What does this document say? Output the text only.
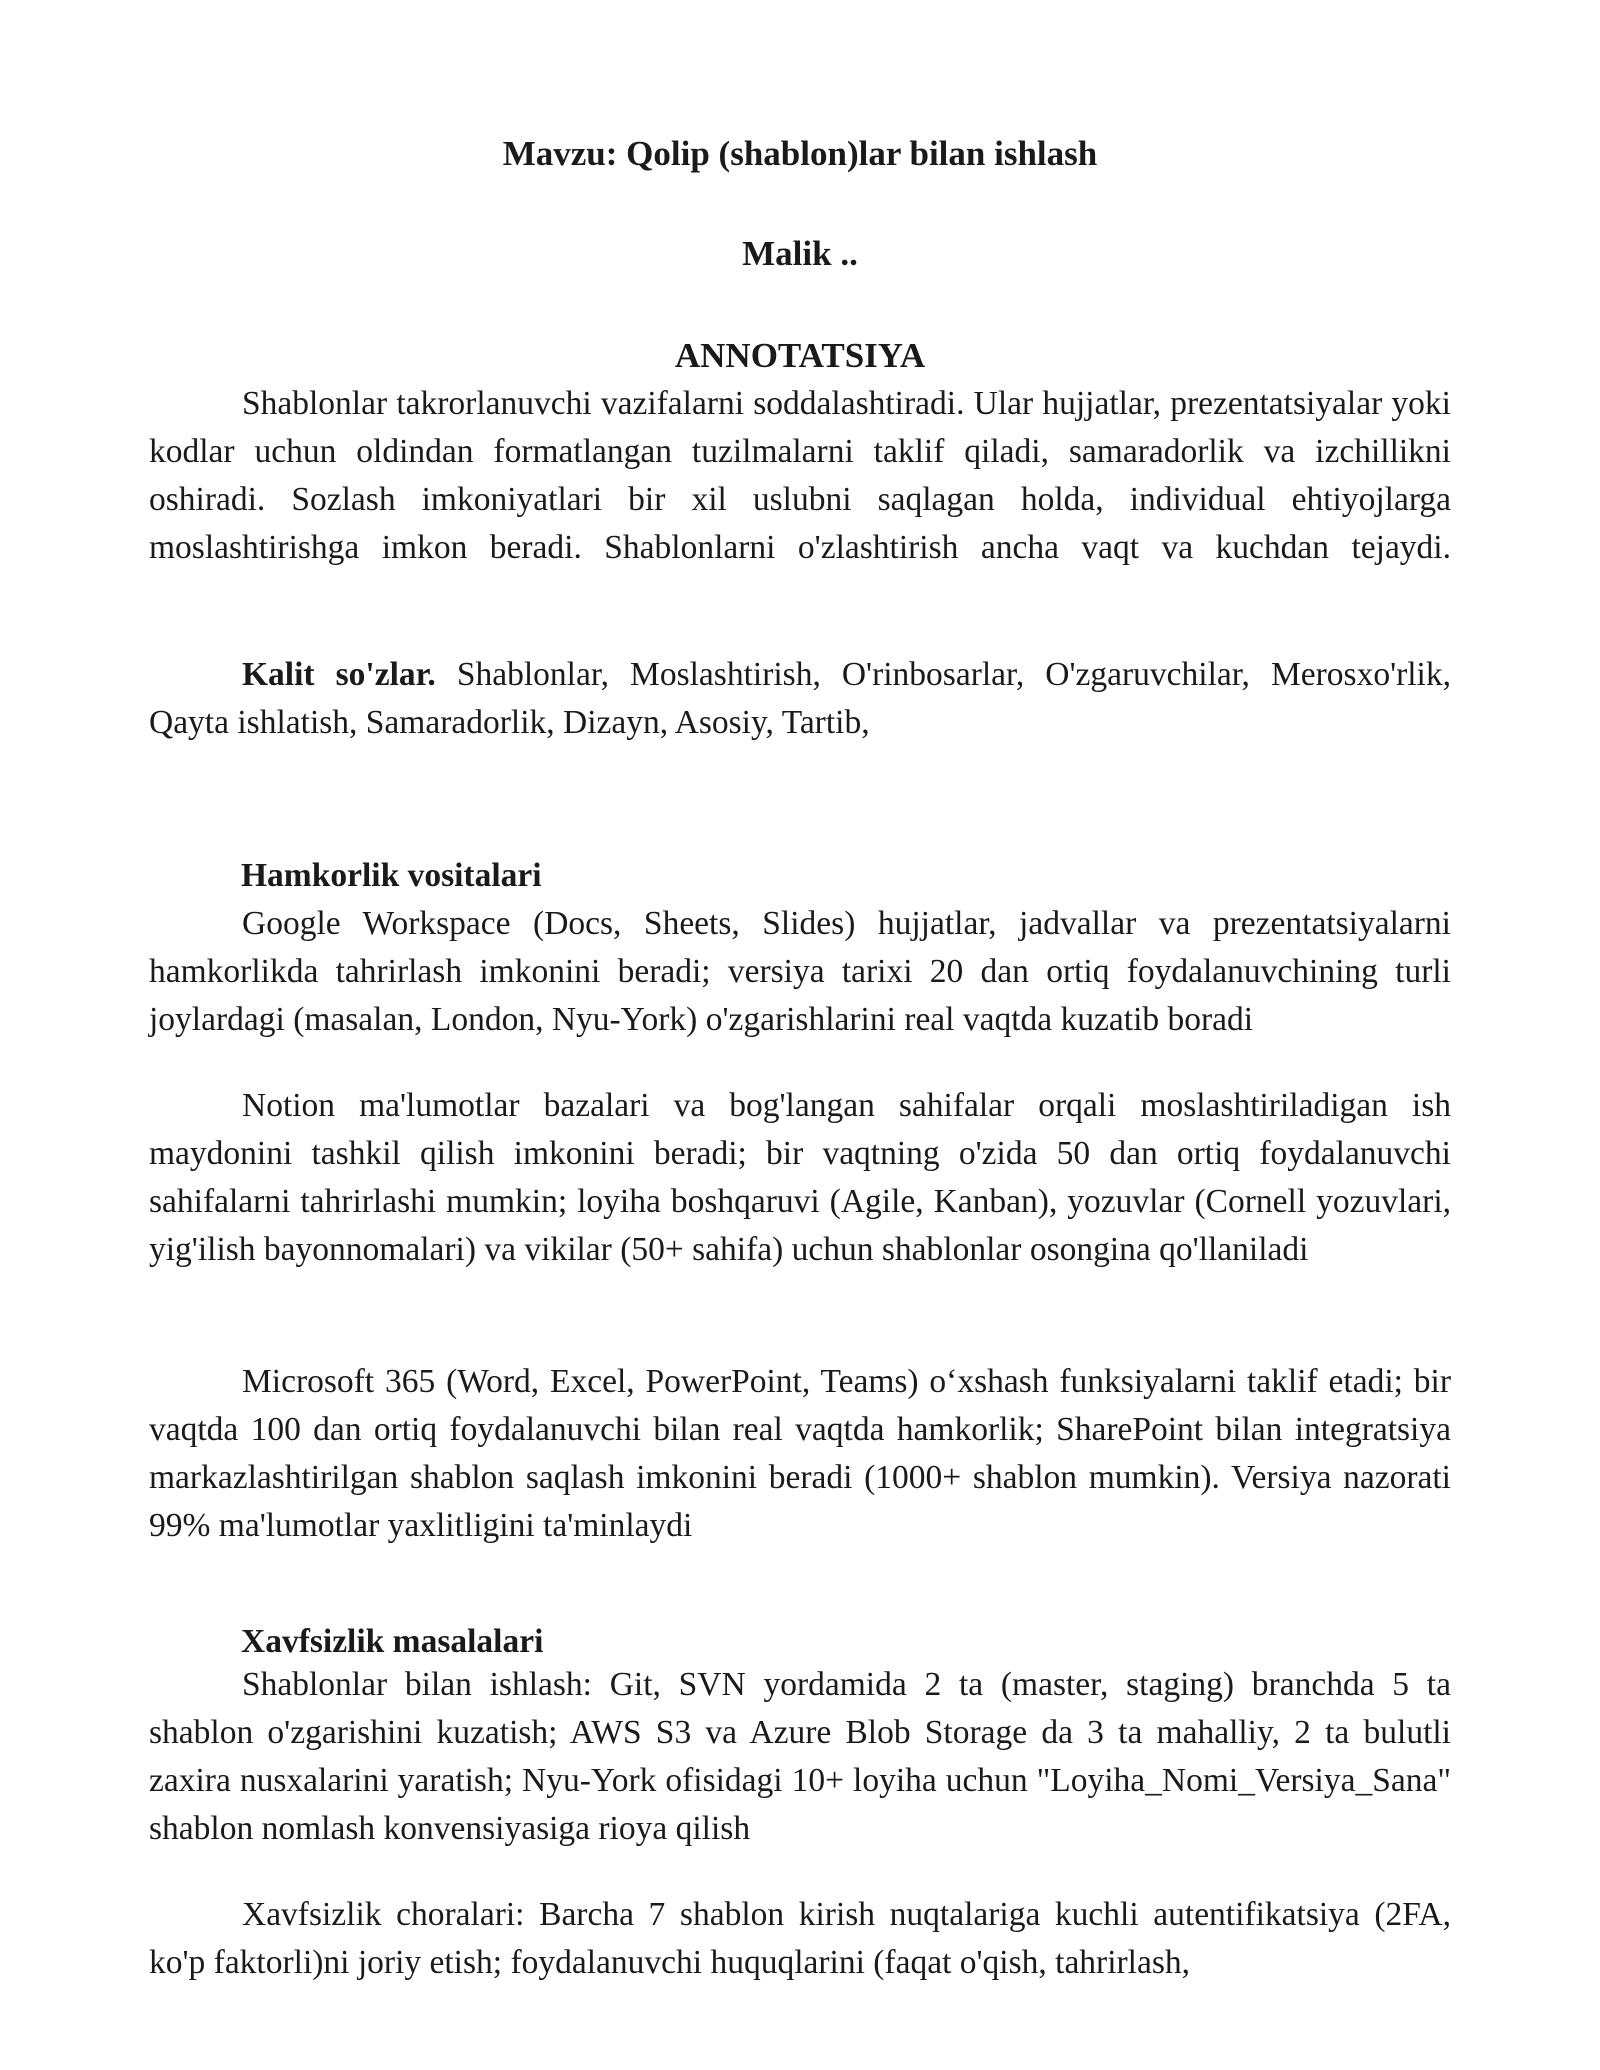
Mavzu: Qolip (shablon)lar bilan ishlash

Malik ..

ANNOTATSIYA

Shablonlar takrorlanuvchi vazifalarni soddalashtiradi. Ular hujjatlar, prezentatsiyalar yoki kodlar uchun oldindan formatlangan tuzilmalarni taklif qiladi, samaradorlik va izchillikni oshiradi. Sozlash imkoniyatlari bir xil uslubni saqlagan holda, individual ehtiyojlarga moslashtirishga imkon beradi. Shablonlarni o'zlashtirish ancha vaqt va kuchdan tejaydi.

Kalit so'zlar. Shablonlar, Moslashtirish, O'rinbosarlar, O'zgaruvchilar, Merosxo'rlik, Qayta ishlatish, Samaradorlik, Dizayn, Asosiy, Tartib,

Hamkorlik vositalari

Google Workspace (Docs, Sheets, Slides) hujjatlar, jadvallar va prezentatsiyalarni hamkorlikda tahrirlash imkonini beradi; versiya tarixi 20 dan ortiq foydalanuvchining turli joylardagi (masalan, London, Nyu-York) o'zgarishlarini real vaqtda kuzatib boradi

Notion ma'lumotlar bazalari va bog'langan sahifalar orqali moslashtiriladigan ish maydonini tashkil qilish imkonini beradi; bir vaqtning o'zida 50 dan ortiq foydalanuvchi sahifalarni tahrirlashi mumkin; loyiha boshqaruvi (Agile, Kanban), yozuvlar (Cornell yozuvlari, yig'ilish bayonnomalari) va vikilar (50+ sahifa) uchun shablonlar osongina qo'llaniladi

Microsoft 365 (Word, Excel, PowerPoint, Teams) o‘xshash funksiyalarni taklif etadi; bir vaqtda 100 dan ortiq foydalanuvchi bilan real vaqtda hamkorlik; SharePoint bilan integratsiya markazlashtirilgan shablon saqlash imkonini beradi (1000+ shablon mumkin). Versiya nazorati 99% ma'lumotlar yaxlitligini ta'minlaydi

Xavfsizlik masalalari

Shablonlar bilan ishlash: Git, SVN yordamida 2 ta (master, staging) branchda 5 ta shablon o'zgarishini kuzatish; AWS S3 va Azure Blob Storage da 3 ta mahalliy, 2 ta bulutli zaxira nusxalarini yaratish; Nyu-York ofisidagi 10+ loyiha uchun "Loyiha_Nomi_Versiya_Sana" shablon nomlash konvensiyasiga rioya qilish

Xavfsizlik choralari: Barcha 7 shablon kirish nuqtalariga kuchli autentifikatsiya (2FA, ko'p faktorli)ni joriy etish; foydalanuvchi huquqlarini (faqat o'qish, tahrirlash,
